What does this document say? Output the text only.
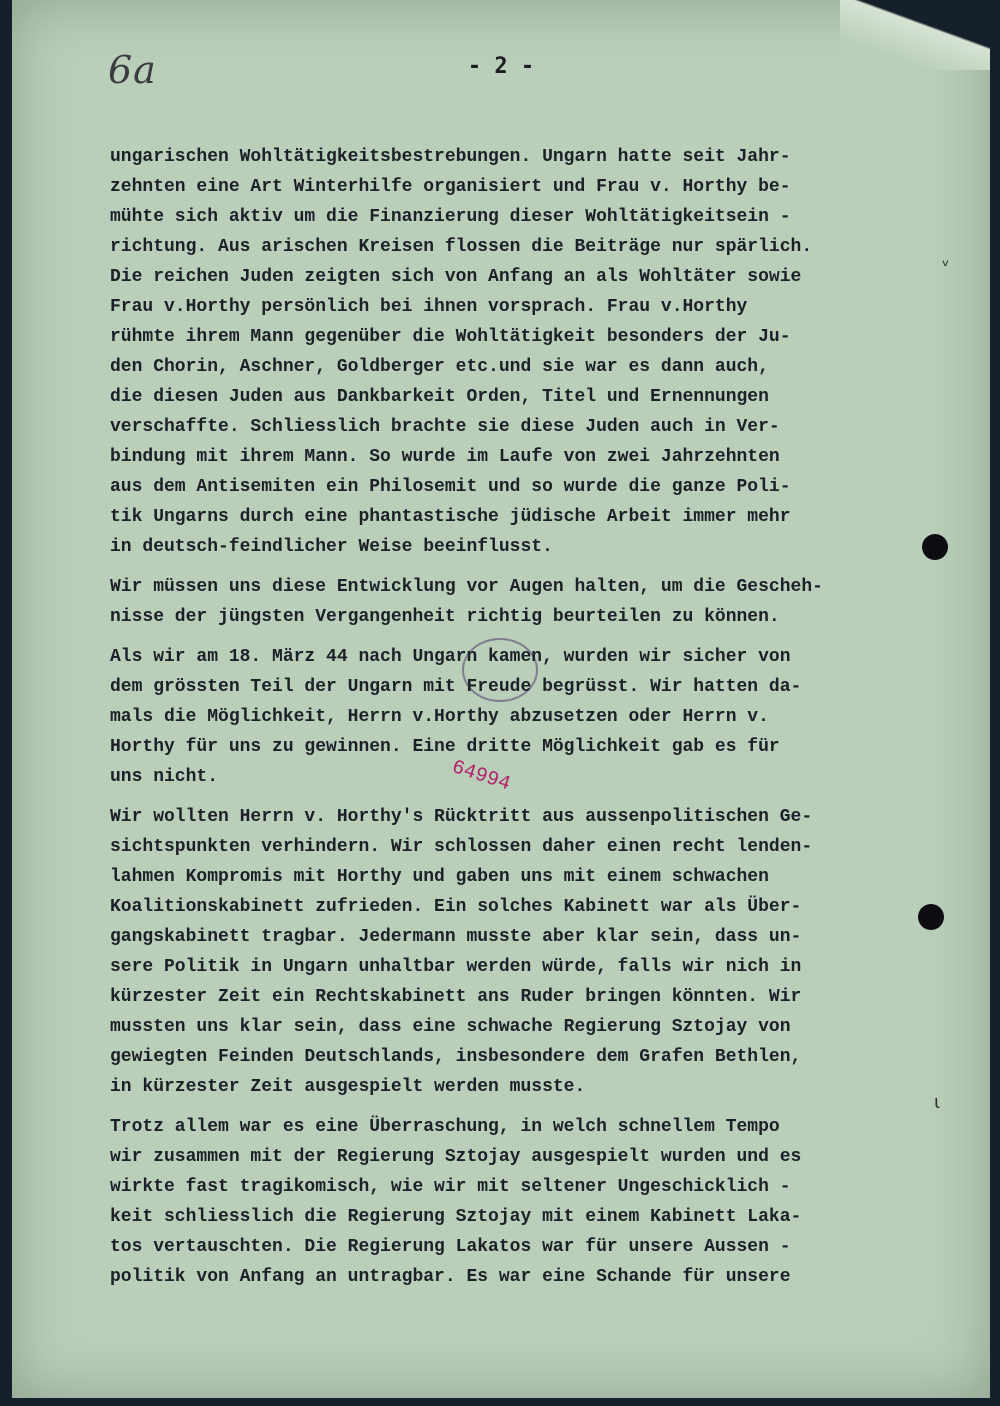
6a	- 2 -
64994
ungarischen Wohltätigkeitsbestrebungen. Ungarn hatte seit Jahr-
zehnten eine Art Winterhilfe organisiert und Frau v. Horthy be-
mühte sich aktiv um die Finanzierung dieser Wohltätigkeitsein -
richtung. Aus arischen Kreisen flossen die Beiträge nur spärlich.
Die reichen Juden zeigten sich von Anfang an als Wohltäter sowie
Frau v.Horthy persönlich bei ihnen vorsprach. Frau v.Horthy
rühmte ihrem Mann gegenüber die Wohltätigkeit besonders der Ju-
den Chorin, Aschner, Goldberger etc.und sie war es dann auch,
die diesen Juden aus Dankbarkeit Orden, Titel und Ernennungen
verschaffte. Schliesslich brachte sie diese Juden auch in Ver-
bindung mit ihrem Mann. So wurde im Laufe von zwei Jahrzehnten
aus dem Antisemiten ein Philosemit und so wurde die ganze Poli-
tik Ungarns durch eine phantastische jüdische Arbeit immer mehr
in deutsch-feindlicher Weise beeinflusst.
Wir müssen uns diese Entwicklung vor Augen halten, um die Gescheh-
nisse der jüngsten Vergangenheit richtig beurteilen zu können.
Als wir am 18. März 44 nach Ungarn kamen, wurden wir sicher von
dem grössten Teil der Ungarn mit Freude begrüsst. Wir hatten da-
mals die Möglichkeit, Herrn v.Horthy abzusetzen oder Herrn v.
Horthy für uns zu gewinnen. Eine dritte Möglichkeit gab es für
uns nicht.
Wir wollten Herrn v. Horthy's Rücktritt aus aussenpolitischen Ge-
sichtspunkten verhindern. Wir schlossen daher einen recht lenden-
lahmen Kompromis mit Horthy und gaben uns mit einem schwachen
Koalitionskabinett zufrieden. Ein solches Kabinett war als Über-
gangskabinett tragbar. Jedermann musste aber klar sein, dass un-
sere Politik in Ungarn unhaltbar werden würde, falls wir nich in
kürzester Zeit ein Rechtskabinett ans Ruder bringen könnten. Wir
mussten uns klar sein, dass eine schwache Regierung Sztojay von
gewiegten Feinden Deutschlands, insbesondere dem Grafen Bethlen,
in kürzester Zeit ausgespielt werden musste.
Trotz allem war es eine Überraschung, in welch schnellem Tempo
wir zusammen mit der Regierung Sztojay ausgespielt wurden und es
wirkte fast tragikomisch, wie wir mit seltener Ungeschicklich -
keit schliesslich die Regierung Sztojay mit einem Kabinett Laka-
tos vertauschten. Die Regierung Lakatos war für unsere Aussen -
politik von Anfang an untragbar. Es war eine Schande für unsere
ᵛ
ɩ
